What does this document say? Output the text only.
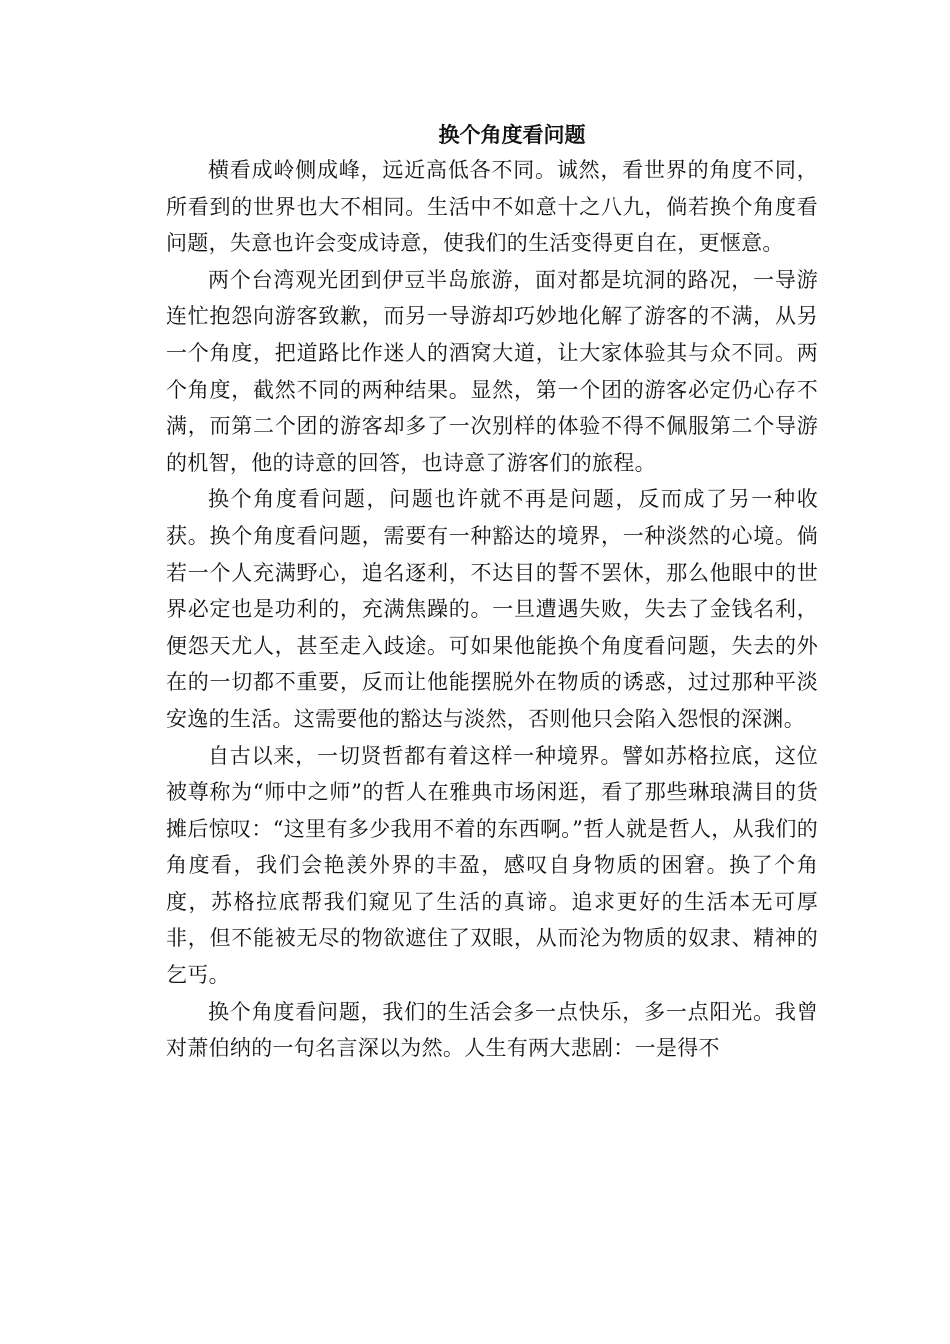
换个角度看问题

横看成岭侧成峰，远近高低各不同。诚然，看世界的角度不同，所看到的世界也大不相同。生活中不如意十之八九，倘若换个角度看问题，失意也许会变成诗意，使我们的生活变得更自在，更惬意。

两个台湾观光团到伊豆半岛旅游，面对都是坑洞的路况，一导游连忙抱怨向游客致歉，而另一导游却巧妙地化解了游客的不满，从另一个角度，把道路比作迷人的酒窝大道，让大家体验其与众不同。两个角度，截然不同的两种结果。显然，第一个团的游客必定仍心存不满，而第二个团的游客却多了一次别样的体验不得不佩服第二个导游的机智，他的诗意的回答，也诗意了游客们的旅程。

换个角度看问题，问题也许就不再是问题，反而成了另一种收获。换个角度看问题，需要有一种豁达的境界，一种淡然的心境。倘若一个人充满野心，追名逐利，不达目的誓不罢休，那么他眼中的世界必定也是功利的，充满焦躁的。一旦遭遇失败，失去了金钱名利，便怨天尤人，甚至走入歧途。可如果他能换个角度看问题，失去的外在的一切都不重要，反而让他能摆脱外在物质的诱惑，过过那种平淡安逸的生活。这需要他的豁达与淡然，否则他只会陷入怨恨的深渊。

自古以来，一切贤哲都有着这样一种境界。譬如苏格拉底，这位被尊称为“师中之师”的哲人在雅典市场闲逛，看了那些琳琅满目的货摊后惊叹：“这里有多少我用不着的东西啊。”哲人就是哲人，从我们的角度看，我们会艳羡外界的丰盈，感叹自身物质的困窘。换了个角度，苏格拉底帮我们窥见了生活的真谛。追求更好的生活本无可厚非，但不能被无尽的物欲遮住了双眼，从而沦为物质的奴隶、精神的乞丐。

换个角度看问题，我们的生活会多一点快乐，多一点阳光。我曾对萧伯纳的一句名言深以为然。人生有两大悲剧：一是得不
